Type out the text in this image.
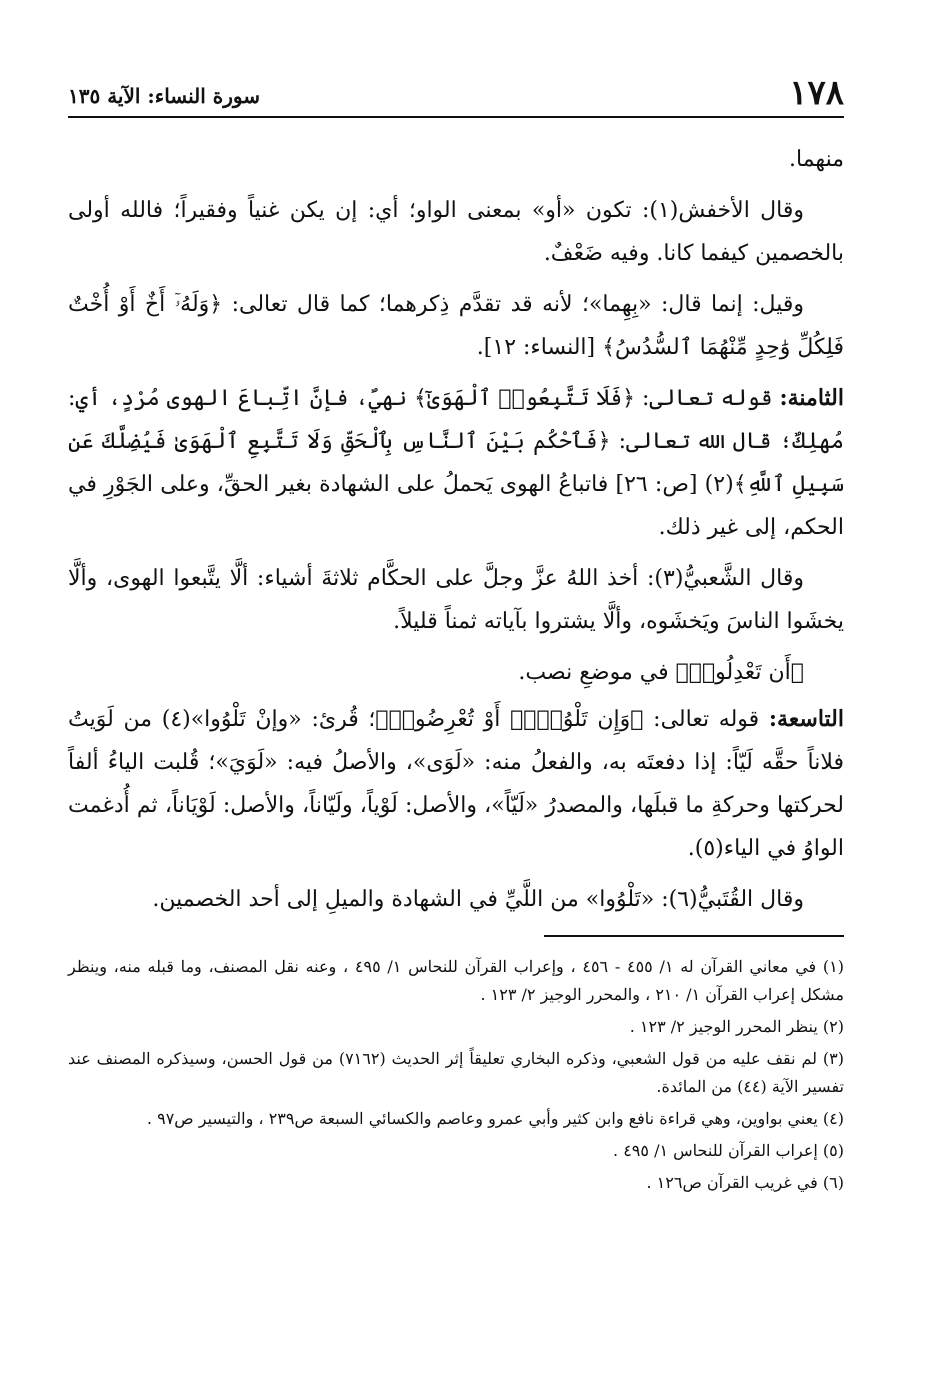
١٧٨
سورة النساء: الآية ١٣٥

منهما.

وقال الأخفش(١): تكون «أو» بمعنى الواو؛ أي: إن يكن غنياً وفقيراً؛ فالله أولى بالخصمين كيفما كانا. وفيه ضَعْفٌ.

وقيل: إنما قال: «بِهِما»؛ لأنه قد تقدَّم ذِكرهما؛ كما قال تعالى: ﴿وَلَهُۥٓ أَخٌ أَوْ أُخْتٌ فَلِكُلِّ وَٰحِدٍ مِّنْهُمَا ٱلسُّدُسُ﴾ [النساء: ١٢].

الثامنة: قوله تعالى: ﴿فَلَا تَتَّبِعُوا۟ ٱلْهَوَىٰٓ﴾ نهيٌ، فإنَّ اتِّباعَ الهوى مُرْدٍ، أي: مُهلِكٌ؛ قال الله تعالى: ﴿فَٱحْكُم بَيْنَ ٱلنَّاسِ بِٱلْحَقِّ وَلَا تَتَّبِعِ ٱلْهَوَىٰ فَيُضِلَّكَ عَن سَبِيلِ ٱللَّهِ﴾(٢) [ص: ٢٦] فاتباعُ الهوى يَحملُ على الشهادة بغير الحقِّ، وعلى الجَوْرِ في الحكم، إلى غير ذلك.

وقال الشَّعبيُّ(٣): أخذ اللهُ عزَّ وجلَّ على الحكَّام ثلاثةَ أشياء: ألَّا يتَّبعوا الهوى، وألَّا يخشَوا الناسَ ويَخشَوه، وألَّا يشتروا بآياته ثمناً قليلاً.

﴿أَن تَعْدِلُوا۟﴾ في موضعِ نصب.

التاسعة: قوله تعالى: ﴿وَإِن تَلْوُۥٓا۟ أَوْ تُعْرِضُوا۟﴾؛ قُرئ: «وإنْ تَلْوُوا»(٤) من لَوَيتُ فلاناً حقَّه لَيّاً: إذا دفعتَه به، والفعلُ منه: «لَوَى»، والأصلُ فيه: «لَوَيَ»؛ قُلبت الياءُ ألفاً لحركتها وحركةِ ما قبلَها، والمصدرُ «لَيّاً»، والأصل: لَوْياً، ولَيّاناً، والأصل: لَوْيَاناً، ثم أُدغمت الواوُ في الياء(٥).

وقال القُتَبيُّ(٦): «تَلْوُوا» من اللَّيِّ في الشهادة والميلِ إلى أحد الخصمين.

(١) في معاني القرآن له ١/ ٤٥٥ - ٤٥٦ ، وإعراب القرآن للنحاس ١/ ٤٩٥ ، وعنه نقل المصنف، وما قبله منه، وينظر مشكل إعراب القرآن ١/ ٢١٠ ، والمحرر الوجيز ٢/ ١٢٣ .

(٢) ينظر المحرر الوجيز ٢/ ١٢٣ .

(٣) لم نقف عليه من قول الشعبي، وذكره البخاري تعليقاً إثر الحديث (٧١٦٢) من قول الحسن، وسيذكره المصنف عند تفسير الآية (٤٤) من المائدة.

(٤) يعني بواوين، وهي قراءة نافع وابن كثير وأبي عمرو وعاصم والكسائي السبعة ص٢٣٩ ، والتيسير ص٩٧ .

(٥) إعراب القرآن للنحاس ١/ ٤٩٥ .

(٦) في غريب القرآن ص١٢٦ .
